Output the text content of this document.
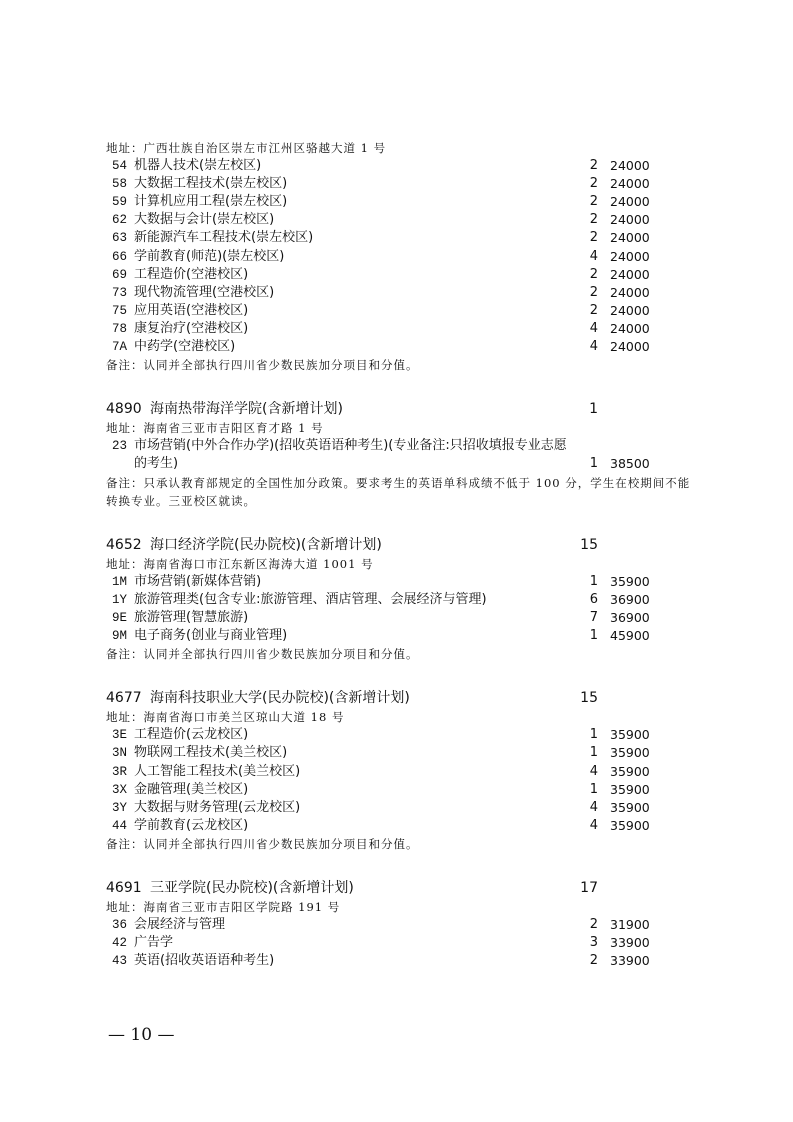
地址：广西壮族自治区崇左市江州区骆越大道 1 号
54 机器人技术(崇左校区)	2 24000
58 大数据工程技术(崇左校区)	2 24000
59 计算机应用工程(崇左校区)	2 24000
62 大数据与会计(崇左校区)	2 24000
63 新能源汽车工程技术(崇左校区)	2 24000
66 学前教育(师范)(崇左校区)	4 24000
69 工程造价(空港校区)	2 24000
73 现代物流管理(空港校区)	2 24000
75 应用英语(空港校区)	2 24000
78 康复治疗(空港校区)	4 24000
7A 中药学(空港校区)	4 24000
备注：认同并全部执行四川省少数民族加分项目和分值。
4890 海南热带海洋学院(含新增计划)	1
地址：海南省三亚市吉阳区育才路 1 号
23 市场营销(中外合作办学)(招收英语语种考生)(专业备注:只招收填报专业志愿的考生)	1 38500
备注：只承认教育部规定的全国性加分政策。要求考生的英语单科成绩不低于 100 分，学生在校期间不能转换专业。三亚校区就读。
4652 海口经济学院(民办院校)(含新增计划)	15
地址：海南省海口市江东新区海涛大道 1001 号
1M 市场营销(新媒体营销)	1 35900
1Y 旅游管理类(包含专业:旅游管理、酒店管理、会展经济与管理)	6 36900
9E 旅游管理(智慧旅游)	7 36900
9M 电子商务(创业与商业管理)	1 45900
备注：认同并全部执行四川省少数民族加分项目和分值。
4677 海南科技职业大学(民办院校)(含新增计划)	15
地址：海南省海口市美兰区琼山大道 18 号
3E 工程造价(云龙校区)	1 35900
3N 物联网工程技术(美兰校区)	1 35900
3R 人工智能工程技术(美兰校区)	4 35900
3X 金融管理(美兰校区)	1 35900
3Y 大数据与财务管理(云龙校区)	4 35900
44 学前教育(云龙校区)	4 35900
备注：认同并全部执行四川省少数民族加分项目和分值。
4691 三亚学院(民办院校)(含新增计划)	17
地址：海南省三亚市吉阳区学院路 191 号
36 会展经济与管理	2 31900
42 广告学	3 33900
43 英语(招收英语语种考生)	2 33900
— 10 —
